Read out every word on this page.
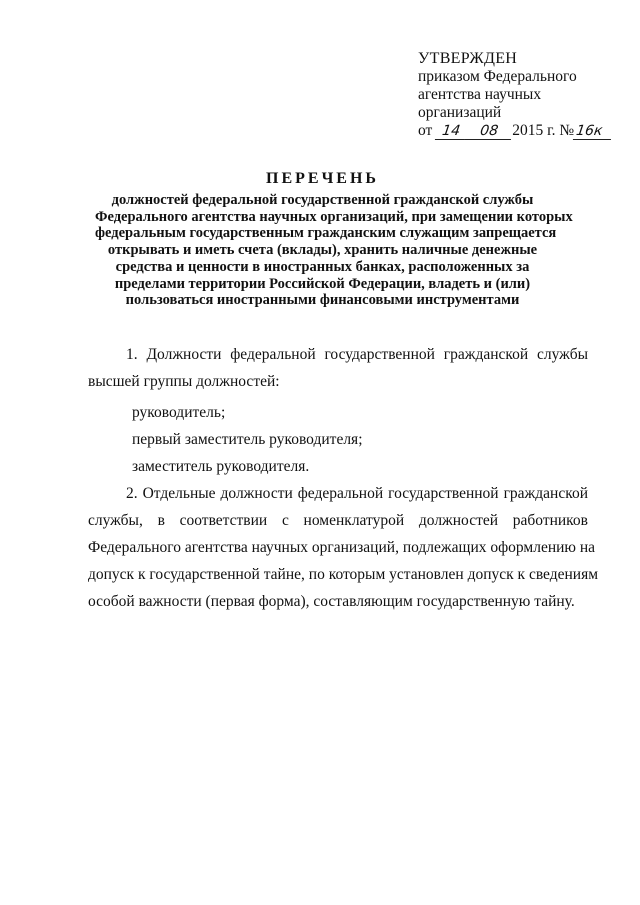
УТВЕРЖДЕН
приказом Федерального
агентства научных
организаций
от 14 08 2015 г. №16к
ПЕРЕЧЕНЬ
должностей федеральной государственной гражданской службы
Федерального агентства научных организаций, при замещении которых
федеральным государственным гражданским служащим запрещается
открывать и иметь счета (вклады), хранить наличные денежные
средства и ценности в иностранных банках, расположенных за
пределами территории Российской Федерации, владеть и (или)
пользоваться иностранными финансовыми инструментами
1. Должности федеральной государственной гражданской службы
высшей группы должностей:
руководитель;
первый заместитель руководителя;
заместитель руководителя.
2. Отдельные должности федеральной государственной гражданской
службы, в соответствии с номенклатурой должностей работников
Федерального агентства научных организаций, подлежащих оформлению на
допуск к государственной тайне, по которым установлен допуск к сведениям
особой важности (первая форма), составляющим государственную тайну.
